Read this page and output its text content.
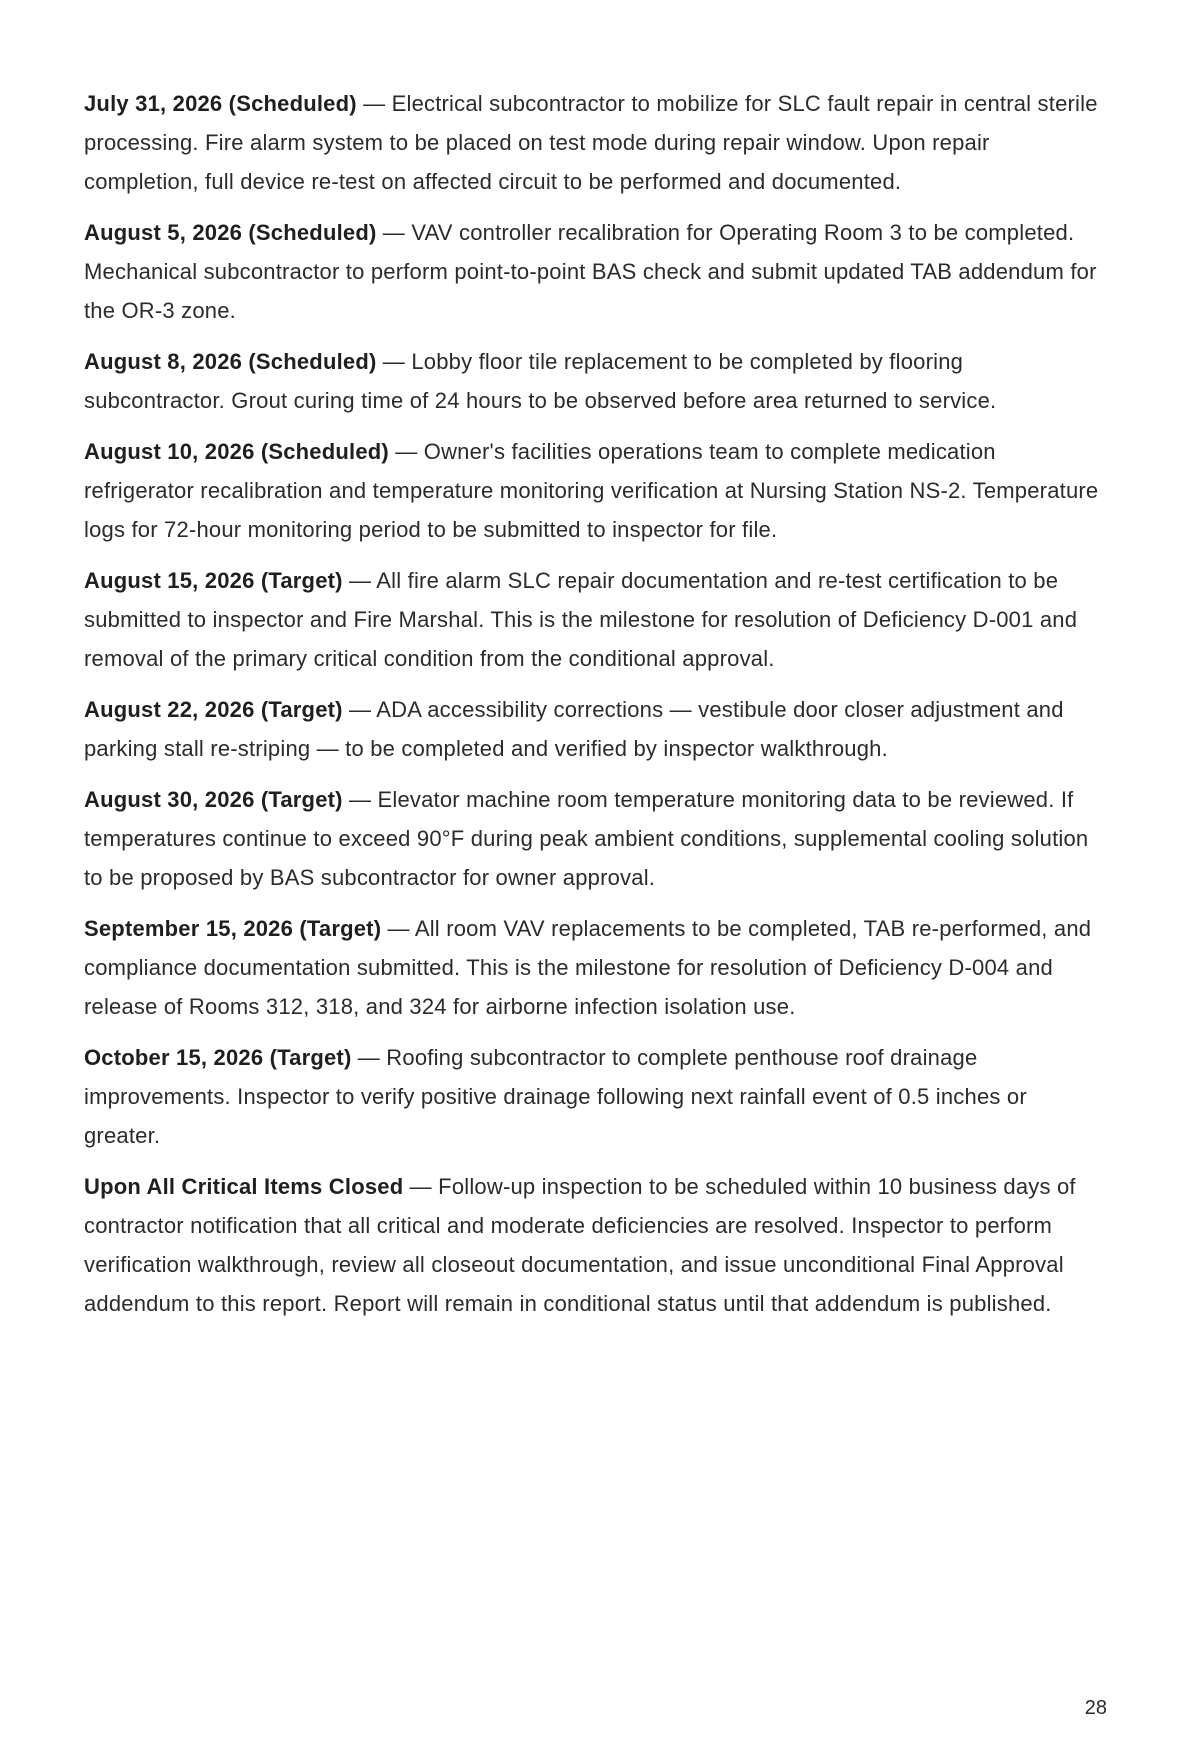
July 31, 2026 (Scheduled) — Electrical subcontractor to mobilize for SLC fault repair in central sterile processing. Fire alarm system to be placed on test mode during repair window. Upon repair completion, full device re-test on affected circuit to be performed and documented.

August 5, 2026 (Scheduled) — VAV controller recalibration for Operating Room 3 to be completed. Mechanical subcontractor to perform point-to-point BAS check and submit updated TAB addendum for the OR-3 zone.

August 8, 2026 (Scheduled) — Lobby floor tile replacement to be completed by flooring subcontractor. Grout curing time of 24 hours to be observed before area returned to service.

August 10, 2026 (Scheduled) — Owner's facilities operations team to complete medication refrigerator recalibration and temperature monitoring verification at Nursing Station NS-2. Temperature logs for 72-hour monitoring period to be submitted to inspector for file.

August 15, 2026 (Target) — All fire alarm SLC repair documentation and re-test certification to be submitted to inspector and Fire Marshal. This is the milestone for resolution of Deficiency D-001 and removal of the primary critical condition from the conditional approval.

August 22, 2026 (Target) — ADA accessibility corrections — vestibule door closer adjustment and parking stall re-striping — to be completed and verified by inspector walkthrough.

August 30, 2026 (Target) — Elevator machine room temperature monitoring data to be reviewed. If temperatures continue to exceed 90°F during peak ambient conditions, supplemental cooling solution to be proposed by BAS subcontractor for owner approval.

September 15, 2026 (Target) — All room VAV replacements to be completed, TAB re-performed, and compliance documentation submitted. This is the milestone for resolution of Deficiency D-004 and release of Rooms 312, 318, and 324 for airborne infection isolation use.

October 15, 2026 (Target) — Roofing subcontractor to complete penthouse roof drainage improvements. Inspector to verify positive drainage following next rainfall event of 0.5 inches or greater.

Upon All Critical Items Closed — Follow-up inspection to be scheduled within 10 business days of contractor notification that all critical and moderate deficiencies are resolved. Inspector to perform verification walkthrough, review all closeout documentation, and issue unconditional Final Approval addendum to this report. Report will remain in conditional status until that addendum is published.

28
